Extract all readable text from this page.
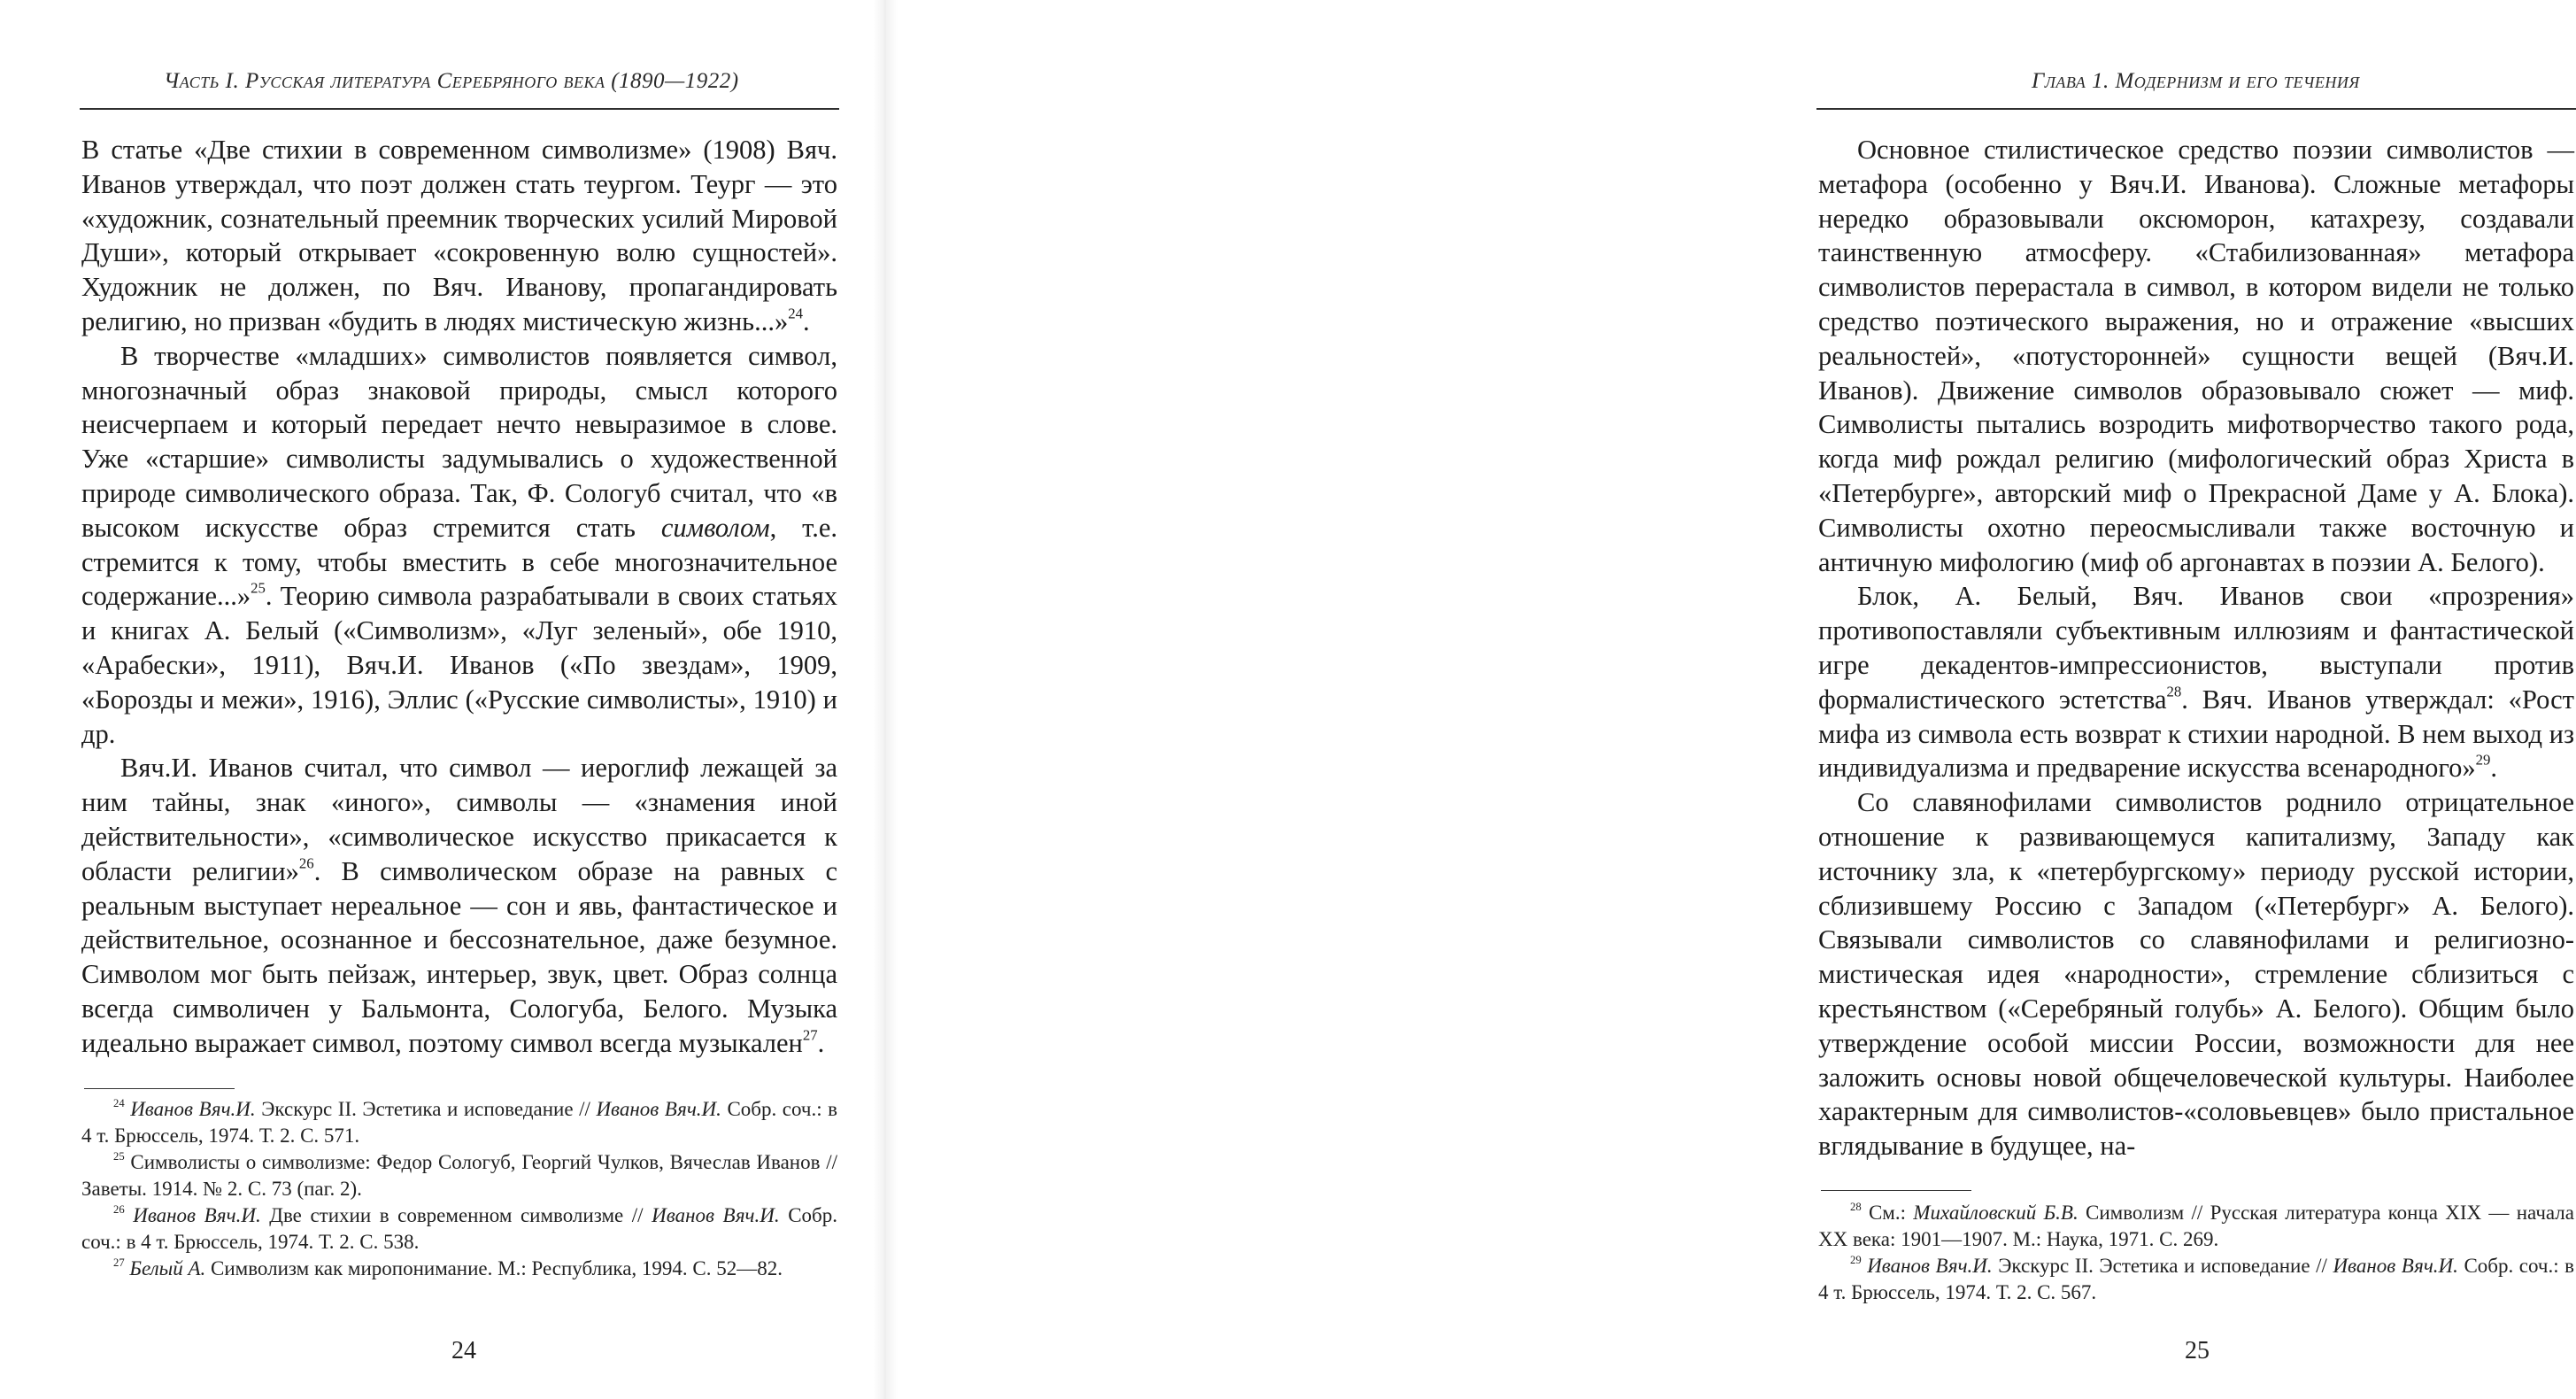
Часть I. Русская литература Серебряного века (1890—1922)

В статье «Две стихии в современном символизме» (1908) Вяч. Иванов утверждал, что поэт должен стать теургом. Теург — это «художник, сознательный преемник творческих усилий Мировой Души», который открывает «сокровенную волю сущностей». Художник не должен, по Вяч. Иванову, пропагандировать религию, но призван «будить в людях мистическую жизнь...»$^{24}$.

В творчестве «младших» символистов появляется символ, многозначный образ знаковой природы, смысл которого неисчерпаем и который передает нечто невыразимое в слове. Уже «старшие» символисты задумывались о художественной природе символического образа. Так, Ф. Сологуб считал, что «в высоком искусстве образ стремится стать символом, т.е. стремится к тому, чтобы вместить в себе многозначительное содержание...»$^{25}$. Теорию символа разрабатывали в своих статьях и книгах А. Белый («Символизм», «Луг зеленый», обе 1910, «Арабески», 1911), Вяч.И. Иванов («По звездам», 1909, «Борозды и межи», 1916), Эллис («Русские символисты», 1910) и др.

Вяч.И. Иванов считал, что символ — иероглиф лежащей за ним тайны, знак «иного», символы — «знамения иной действительности», «символическое искусство прикасается к области религии»$^{26}$. В символическом образе на равных с реальным выступает нереальное — сон и явь, фантастическое и действительное, осознанное и бессознательное, даже безумное. Символом мог быть пейзаж, интерьер, звук, цвет. Образ солнца всегда символичен у Бальмонта, Сологуба, Белого. Музыка идеально выражает символ, поэтому символ всегда музыкален$^{27}$.

$^{24}$ Иванов Вяч.И. Экскурс II. Эстетика и исповедание // Иванов Вяч.И. Собр. соч.: в 4 т. Брюссель, 1974. Т. 2. С. 571.

$^{25}$ Символисты о символизме: Федор Сологуб, Георгий Чулков, Вячеслав Иванов // Заветы. 1914. № 2. С. 73 (паг. 2).

$^{26}$ Иванов Вяч.И. Две стихии в современном символизме // Иванов Вяч.И. Собр. соч.: в 4 т. Брюссель, 1974. Т. 2. С. 538.

$^{27}$ Белый А. Символизм как миропонимание. М.: Республика, 1994. С. 52—82.

24
Глава 1. Модернизм и его течения

Основное стилистическое средство поэзии символистов — метафора (особенно у Вяч.И. Иванова). Сложные метафоры нередко образовывали оксюморон, катахрезу, создавали таинственную атмосферу. «Стабилизованная» метафора символистов перерастала в символ, в котором видели не только средство поэтического выражения, но и отражение «высших реальностей», «потусторонней» сущности вещей (Вяч.И. Иванов). Движение символов образовывало сюжет — миф. Символисты пытались возродить мифотворчество такого рода, когда миф рождал религию (мифологический образ Христа в «Петербурге», авторский миф о Прекрасной Даме у А. Блока). Символисты охотно переосмысливали также восточную и античную мифологию (миф об аргонавтах в поэзии А. Белого).

Блок, А. Белый, Вяч. Иванов свои «прозрения» противопоставляли субъективным иллюзиям и фантастической игре декадентов-импрессионистов, выступали против формалистического эстетства$^{28}$. Вяч. Иванов утверждал: «Рост мифа из символа есть возврат к стихии народной. В нем выход из индивидуализма и предварение искусства всенародного»$^{29}$.

Со славянофилами символистов роднило отрицательное отношение к развивающемуся капитализму, Западу как источнику зла, к «петербургскому» периоду русской истории, сблизившему Россию с Западом («Петербург» А. Белого). Связывали символистов со славянофилами и религиозно-мистическая идея «народности», стремление сблизиться с крестьянством («Серебряный голубь» А. Белого). Общим было утверждение особой миссии России, возможности для нее заложить основы новой общечеловеческой культуры. Наиболее характерным для символистов-«соловьевцев» было пристальное вглядывание в будущее, на-

$^{28}$ См.: Михайловский Б.В. Символизм // Русская литература конца XIX — начала XX века: 1901—1907. М.: Наука, 1971. С. 269.

$^{29}$ Иванов Вяч.И. Экскурс II. Эстетика и исповедание // Иванов Вяч.И. Собр. соч.: в 4 т. Брюссель, 1974. Т. 2. С. 567.

25
